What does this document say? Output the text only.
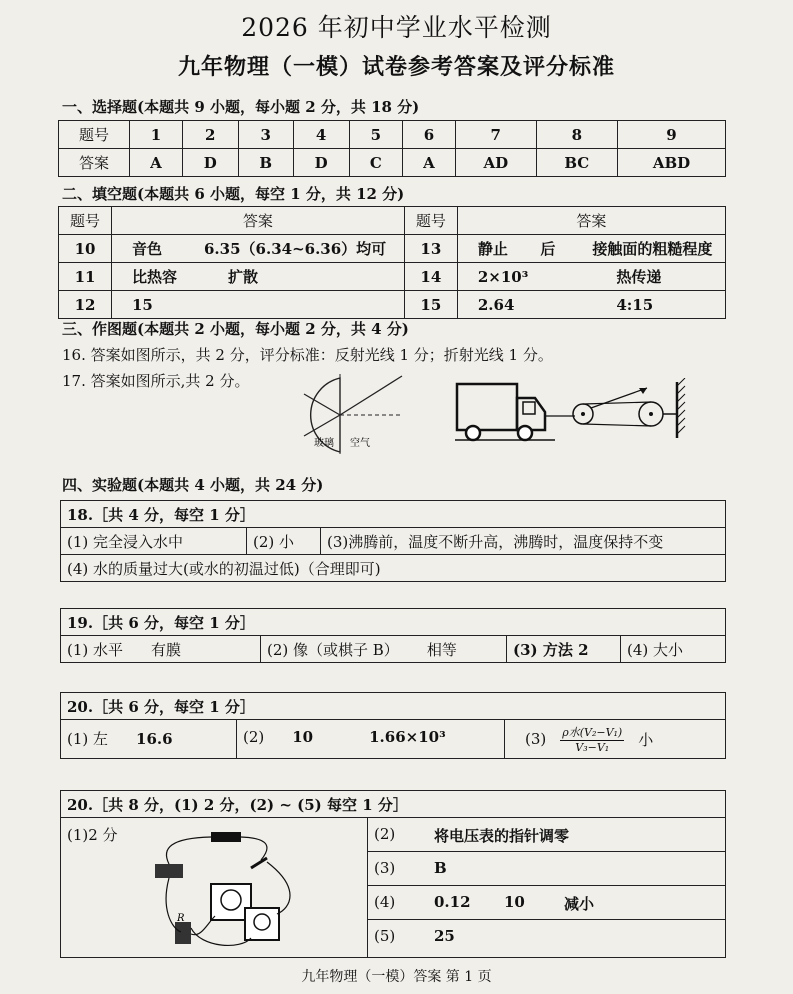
2026 年初中学业水平检测
九年物理（一模）试卷参考答案及评分标准
一、选择题(本题共 9 小题，每小题 2 分，共 18 分)
题号	1	2	3	4	5	6	7	8	9
答案	A	D	B	D	C	A	AD	BC	ABD
二、填空题(本题共 6 小题，每空 1 分，共 12 分)
题号	答案		题号	答案		
10	音色	6.35（6.34~6.36）均可	13	静止	后	接触面的粗糙程度
11	比热容	扩散	14	2×10³		热传递
12	15		15	2.64		4:15
三、作图题(本题共 2 小题，每小题 2 分，共 4 分)
16. 答案如图所示，共 2 分，评分标准：反射光线 1 分；折射光线 1 分。
17. 答案如图所示,共 2 分。
玻璃 空气
四、实验题(本题共 4 小题，共 24 分)
18.［共 4 分，每空 1 分］
(1) 完全浸入水中	(2) 小	(3)沸腾前，温度不断升高，沸腾时，温度保持不变
(4) 水的质量过大(或水的初温过低)（合理即可)
19.［共 6 分，每空 1 分］
(1) 水平 有膜	(2) 像（或棋子 B） 相等	(3) 方法 2	(4) 大小
20.［共 6 分，每空 1 分］
(1) 左 16.6	(2) 10	1.66×10³	(3) ρ水(V₂−V₁)
V₃−V₁ 小
20.［共 8 分，(1) 2 分，(2) ~ (5) 每空 1 分］
(1)2 分
R
(2)	将电压表的指针调零
(3)	B
(4)	0.12	10	减小
(5)	25
九年物理（一模）答案 第 1 页
